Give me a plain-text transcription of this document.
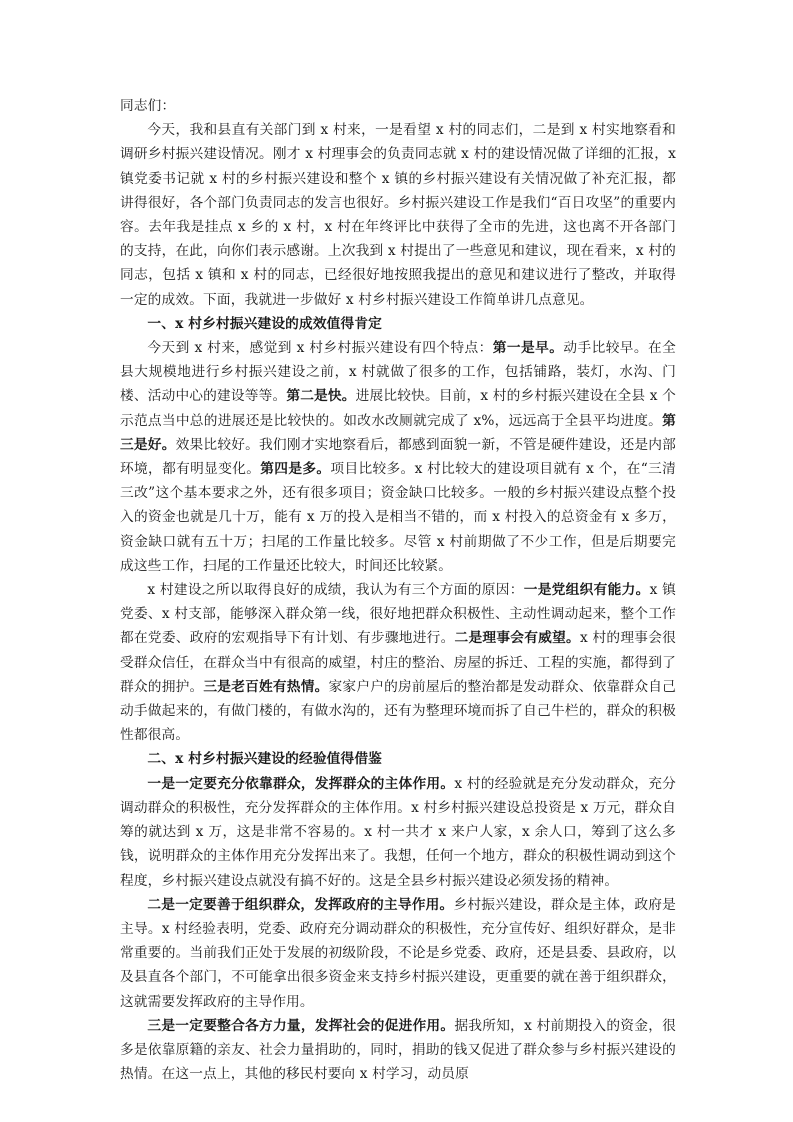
同志们：

今天，我和县直有关部门到 x 村来，一是看望 x 村的同志们，二是到 x 村实地察看和调研乡村振兴建设情况。刚才 x 村理事会的负责同志就 x 村的建设情况做了详细的汇报，x 镇党委书记就 x 村的乡村振兴建设和整个 x 镇的乡村振兴建设有关情况做了补充汇报，都讲得很好，各个部门负责同志的发言也很好。乡村振兴建设工作是我们“百日攻坚”的重要内容。去年我是挂点 x 乡的 x 村，x 村在年终评比中获得了全市的先进，这也离不开各部门的支持，在此，向你们表示感谢。上次我到 x 村提出了一些意见和建议，现在看来，x 村的同志，包括 x 镇和 x 村的同志，已经很好地按照我提出的意见和建议进行了整改，并取得一定的成效。下面，我就进一步做好 x 村乡村振兴建设工作简单讲几点意见。

一、x 村乡村振兴建设的成效值得肯定

今天到 x 村来，感觉到 x 村乡村振兴建设有四个特点：第一是早。动手比较早。在全县大规模地进行乡村振兴建设之前，x 村就做了很多的工作，包括铺路，装灯，水沟、门楼、活动中心的建设等等。第二是快。进展比较快。目前，x 村的乡村振兴建设在全县 x 个示范点当中总的进展还是比较快的。如改水改厕就完成了 x%，远远高于全县平均进度。第三是好。效果比较好。我们刚才实地察看后，都感到面貌一新，不管是硬件建设，还是内部环境，都有明显变化。第四是多。项目比较多。x 村比较大的建设项目就有 x 个，在“三清三改”这个基本要求之外，还有很多项目；资金缺口比较多。一般的乡村振兴建设点整个投入的资金也就是几十万，能有 x 万的投入是相当不错的，而 x 村投入的总资金有 x 多万，资金缺口就有五十万；扫尾的工作量比较多。尽管 x 村前期做了不少工作，但是后期要完成这些工作，扫尾的工作量还比较大，时间还比较紧。

x 村建设之所以取得良好的成绩，我认为有三个方面的原因：一是党组织有能力。x 镇党委、x 村支部，能够深入群众第一线，很好地把群众积极性、主动性调动起来，整个工作都在党委、政府的宏观指导下有计划、有步骤地进行。二是理事会有威望。x 村的理事会很受群众信任，在群众当中有很高的威望，村庄的整治、房屋的拆迁、工程的实施，都得到了群众的拥护。三是老百姓有热情。家家户户的房前屋后的整治都是发动群众、依靠群众自己动手做起来的，有做门楼的，有做水沟的，还有为整理环境而拆了自己牛栏的，群众的积极性都很高。

二、x 村乡村振兴建设的经验值得借鉴

一是一定要充分依靠群众，发挥群众的主体作用。x 村的经验就是充分发动群众，充分调动群众的积极性，充分发挥群众的主体作用。x 村乡村振兴建设总投资是 x 万元，群众自筹的就达到 x 万，这是非常不容易的。x 村一共才 x 来户人家，x 余人口，筹到了这么多钱，说明群众的主体作用充分发挥出来了。我想，任何一个地方，群众的积极性调动到这个程度，乡村振兴建设点就没有搞不好的。这是全县乡村振兴建设必须发扬的精神。

二是一定要善于组织群众，发挥政府的主导作用。乡村振兴建设，群众是主体，政府是主导。x 村经验表明，党委、政府充分调动群众的积极性，充分宣传好、组织好群众，是非常重要的。当前我们正处于发展的初级阶段，不论是乡党委、政府，还是县委、县政府，以及县直各个部门，不可能拿出很多资金来支持乡村振兴建设，更重要的就在善于组织群众，这就需要发挥政府的主导作用。

三是一定要整合各方力量，发挥社会的促进作用。据我所知，x 村前期投入的资金，很多是依靠原籍的亲友、社会力量捐助的，同时，捐助的钱又促进了群众参与乡村振兴建设的热情。在这一点上，其他的移民村要向 x 村学习，动员原
